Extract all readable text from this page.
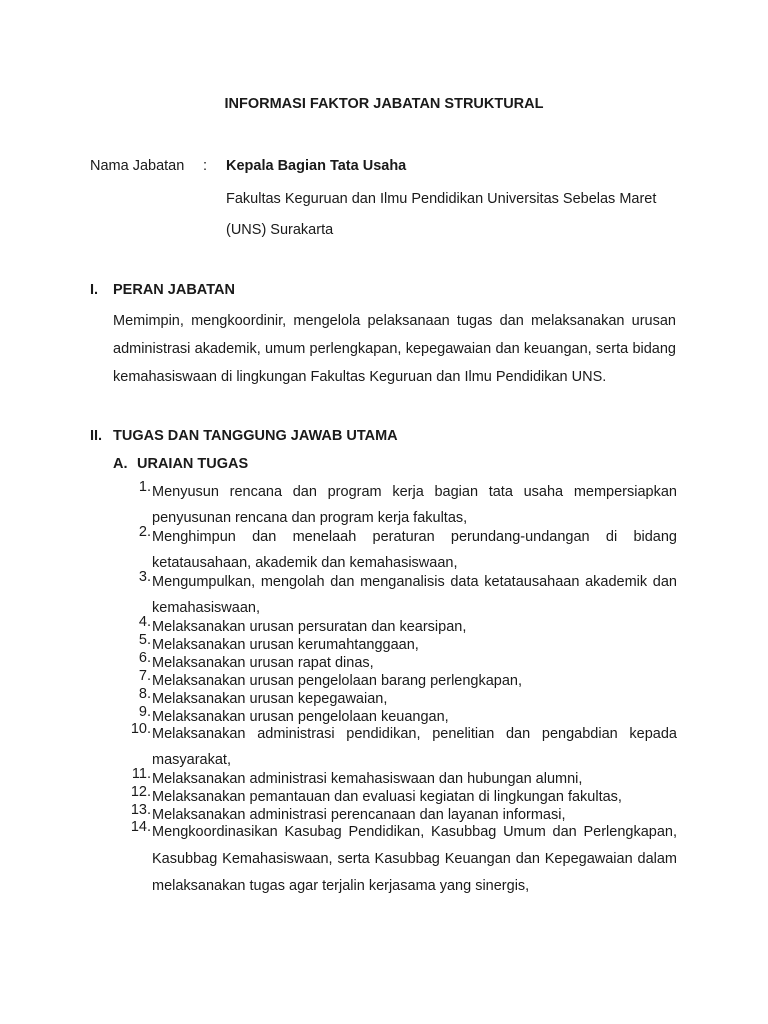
INFORMASI FAKTOR JABATAN STRUKTURAL
Nama Jabatan : Kepala Bagian Tata Usaha
Fakultas Keguruan dan Ilmu Pendidikan Universitas Sebelas Maret (UNS) Surakarta
I. PERAN JABATAN
Memimpin, mengkoordinir, mengelola pelaksanaan tugas dan melaksanakan urusan administrasi akademik, umum perlengkapan, kepegawaian dan keuangan, serta bidang kemahasiswaan di lingkungan Fakultas Keguruan dan Ilmu Pendidikan UNS.
II. TUGAS DAN TANGGUNG JAWAB UTAMA
A. URAIAN TUGAS
1. Menyusun rencana dan program kerja bagian tata usaha mempersiapkan penyusunan rencana dan program kerja fakultas,
2. Menghimpun dan menelaah peraturan perundang-undangan di bidang ketatausahaan, akademik dan kemahasiswaan,
3. Mengumpulkan, mengolah dan menganalisis data ketatausahaan akademik dan kemahasiswaan,
4. Melaksanakan urusan persuratan dan kearsipan,
5. Melaksanakan urusan kerumahtanggaan,
6. Melaksanakan urusan rapat dinas,
7. Melaksanakan urusan pengelolaan barang perlengkapan,
8. Melaksanakan urusan kepegawaian,
9. Melaksanakan urusan pengelolaan keuangan,
10. Melaksanakan administrasi pendidikan, penelitian dan pengabdian kepada masyarakat,
11. Melaksanakan administrasi kemahasiswaan dan hubungan alumni,
12. Melaksanakan pemantauan dan evaluasi kegiatan di lingkungan fakultas,
13. Melaksanakan administrasi perencanaan dan layanan informasi,
14. Mengkoordinasikan Kasubag Pendidikan, Kasubbag Umum dan Perlengkapan, Kasubbag Kemahasiswaan, serta Kasubbag Keuangan dan Kepegawaian dalam melaksanakan tugas agar terjalin kerjasama yang sinergis,
